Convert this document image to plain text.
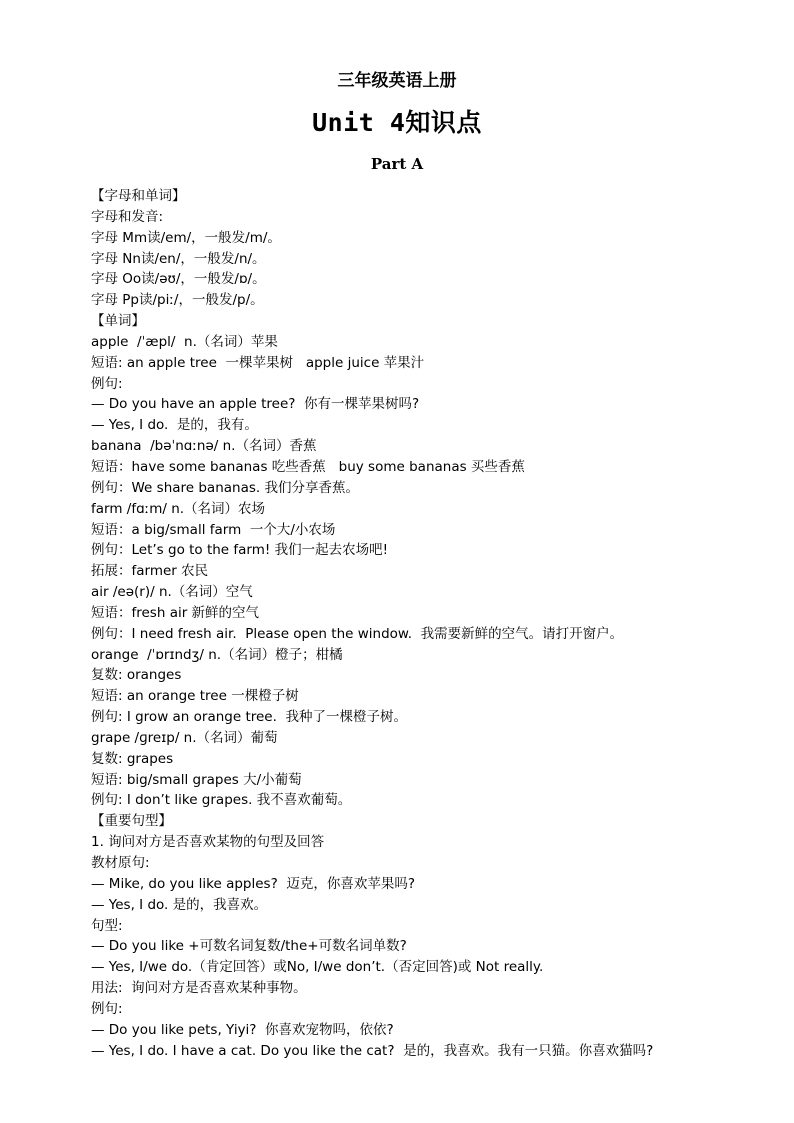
三年级英语上册
Unit 4知识点
Part A
【字母和单词】
字母和发音:
字母 Mm读/em/，一般发/m/。
字母 Nn读/en/，一般发/n/。
字母 Oo读/əʊ/，一般发/ɒ/。
字母 Pp读/piː/，一般发/p/。
【单词】
apple  /ˈæpl/  n.（名词）苹果
短语: an apple tree  一棵苹果树   apple juice 苹果汁
例句:
— Do you have an apple tree?  你有一棵苹果树吗?
— Yes, I do.  是的，我有。
banana  /bəˈnɑːnə/ n.（名词）香蕉
短语：have some bananas 吃些香蕉   buy some bananas 买些香蕉
例句：We share bananas. 我们分享香蕉。
farm /fɑːm/ n.（名词）农场
短语：a big/small farm  一个大/小农场
例句：Let’s go to the farm! 我们一起去农场吧!
拓展：farmer 农民
air /eə(r)/ n.（名词）空气
短语：fresh air 新鲜的空气
例句：I need fresh air.  Please open the window.  我需要新鲜的空气。请打开窗户。
orange  /ˈɒrɪndʒ/ n.（名词）橙子；柑橘
复数: oranges
短语: an orange tree 一棵橙子树
例句: I grow an orange tree.  我种了一棵橙子树。
grape /ɡreɪp/ n.（名词）葡萄
复数: grapes
短语: big/small grapes 大/小葡萄
例句: I don’t like grapes. 我不喜欢葡萄。
【重要句型】
1. 询问对方是否喜欢某物的句型及回答
教材原句:
— Mike, do you like apples?  迈克，你喜欢苹果吗?
— Yes, I do. 是的，我喜欢。
句型:
— Do you like +可数名词复数/the+可数名词单数?
— Yes, I/we do.（肯定回答）或No, I/we don’t.（否定回答)或 Not really.
用法:  询问对方是否喜欢某种事物。
例句:
— Do you like pets, Yiyi?  你喜欢宠物吗，依依?
— Yes, I do. I have a cat. Do you like the cat?  是的，我喜欢。我有一只猫。你喜欢猫吗?
